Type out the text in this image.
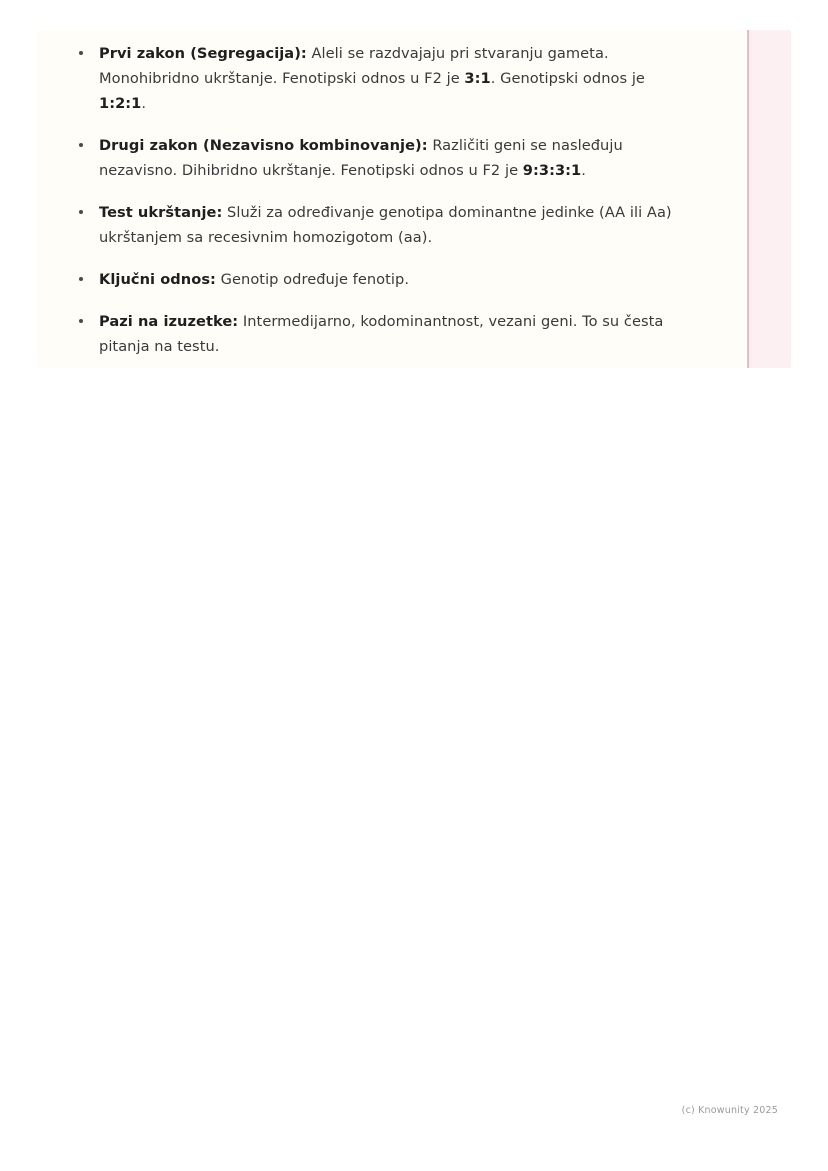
Prvi zakon (Segregacija): Aleli se razdvajaju pri stvaranju gameta. Monohibridno ukrštanje. Fenotipski odnos u F2 je 3:1. Genotipski odnos je 1:2:1.
Drugi zakon (Nezavisno kombinovanje): Različiti geni se nasleđuju nezavisno. Dihibridno ukrštanje. Fenotipski odnos u F2 je 9:3:3:1.
Test ukrštanje: Služi za određivanje genotipa dominantne jedinke (AA ili Aa) ukrštanjem sa recesivnim homozigotom (aa).
Ključni odnos: Genotip određuje fenotip.
Pazi na izuzetke: Intermedijarno, kodominantnost, vezani geni. To su česta pitanja na testu.
(c) Knowunity 2025
